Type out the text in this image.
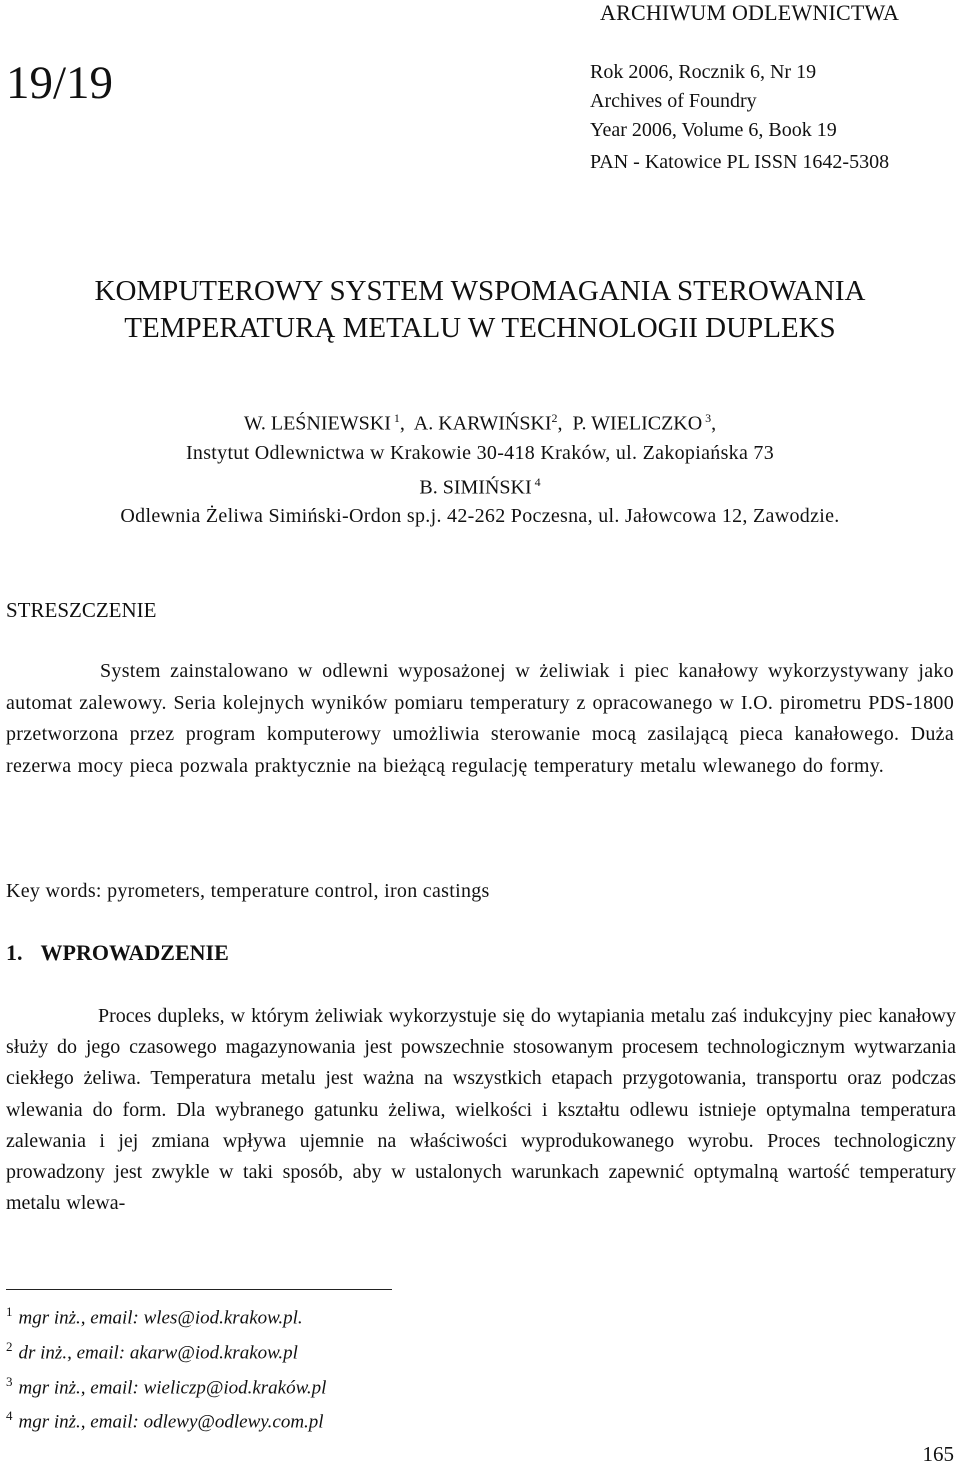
ARCHIWUM ODLEWNICTWA
19/19	Rok 2006, Rocznik 6, Nr 19
Archives of Foundry
Year 2006, Volume 6, Book 19
PAN - Katowice PL ISSN 1642-5308
KOMPUTEROWY SYSTEM WSPOMAGANIA STEROWANIA
TEMPERATURĄ METALU W TECHNOLOGII DUPLEKS
W. LEŚNIEWSKI $^1$,  A. KARWIŃSKI$^2$,  P. WIELICZKO $^3$,
Instytut Odlewnictwa w Krakowie 30-418 Kraków, ul. Zakopiańska 73
B. SIMIŃSKI $^4$
Odlewnia Żeliwa Simiński-Ordon sp.j. 42-262 Poczesna, ul. Jałowcowa 12, Zawodzie.
STRESZCZENIE
System zainstalowano w odlewni wyposażonej w żeliwiak i piec kanałowy wykorzystywany jako automat zalewowy. Seria kolejnych wyników pomiaru temperatury z opracowanego w I.O. pirometru PDS-1800 przetworzona przez program komputerowy umożliwia sterowanie mocą zasilającą pieca kanałowego. Duża rezerwa mocy pieca pozwala praktycznie na bieżącą regulację temperatury metalu wlewanego do formy.
Key words: pyrometers, temperature control, iron castings
1. WPROWADZENIE
Proces dupleks, w którym żeliwiak wykorzystuje się do wytapiania metalu zaś indukcyjny piec kanałowy służy do jego czasowego magazynowania jest powszechnie stosowanym procesem technologicznym wytwarzania ciekłego żeliwa. Temperatura metalu jest ważna na wszystkich etapach przygotowania, transportu oraz podczas wlewania do form. Dla wybranego gatunku żeliwa, wielkości i kształtu odlewu istnieje optymalna temperatura zalewania i jej zmiana wpływa ujemnie na właściwości wyprodukowanego wyrobu. Proces technologiczny prowadzony jest zwykle w taki sposób, aby w ustalonych warunkach zapewnić optymalną wartość temperatury metalu wlewa-
$^1$ mgr inż., email: wles@iod.krakow.pl.
$^2$ dr inż., email: akarw@iod.krakow.pl
$^3$ mgr inż., email: wieliczp@iod.kraków.pl
$^4$ mgr inż., email: odlewy@odlewy.com.pl
165
